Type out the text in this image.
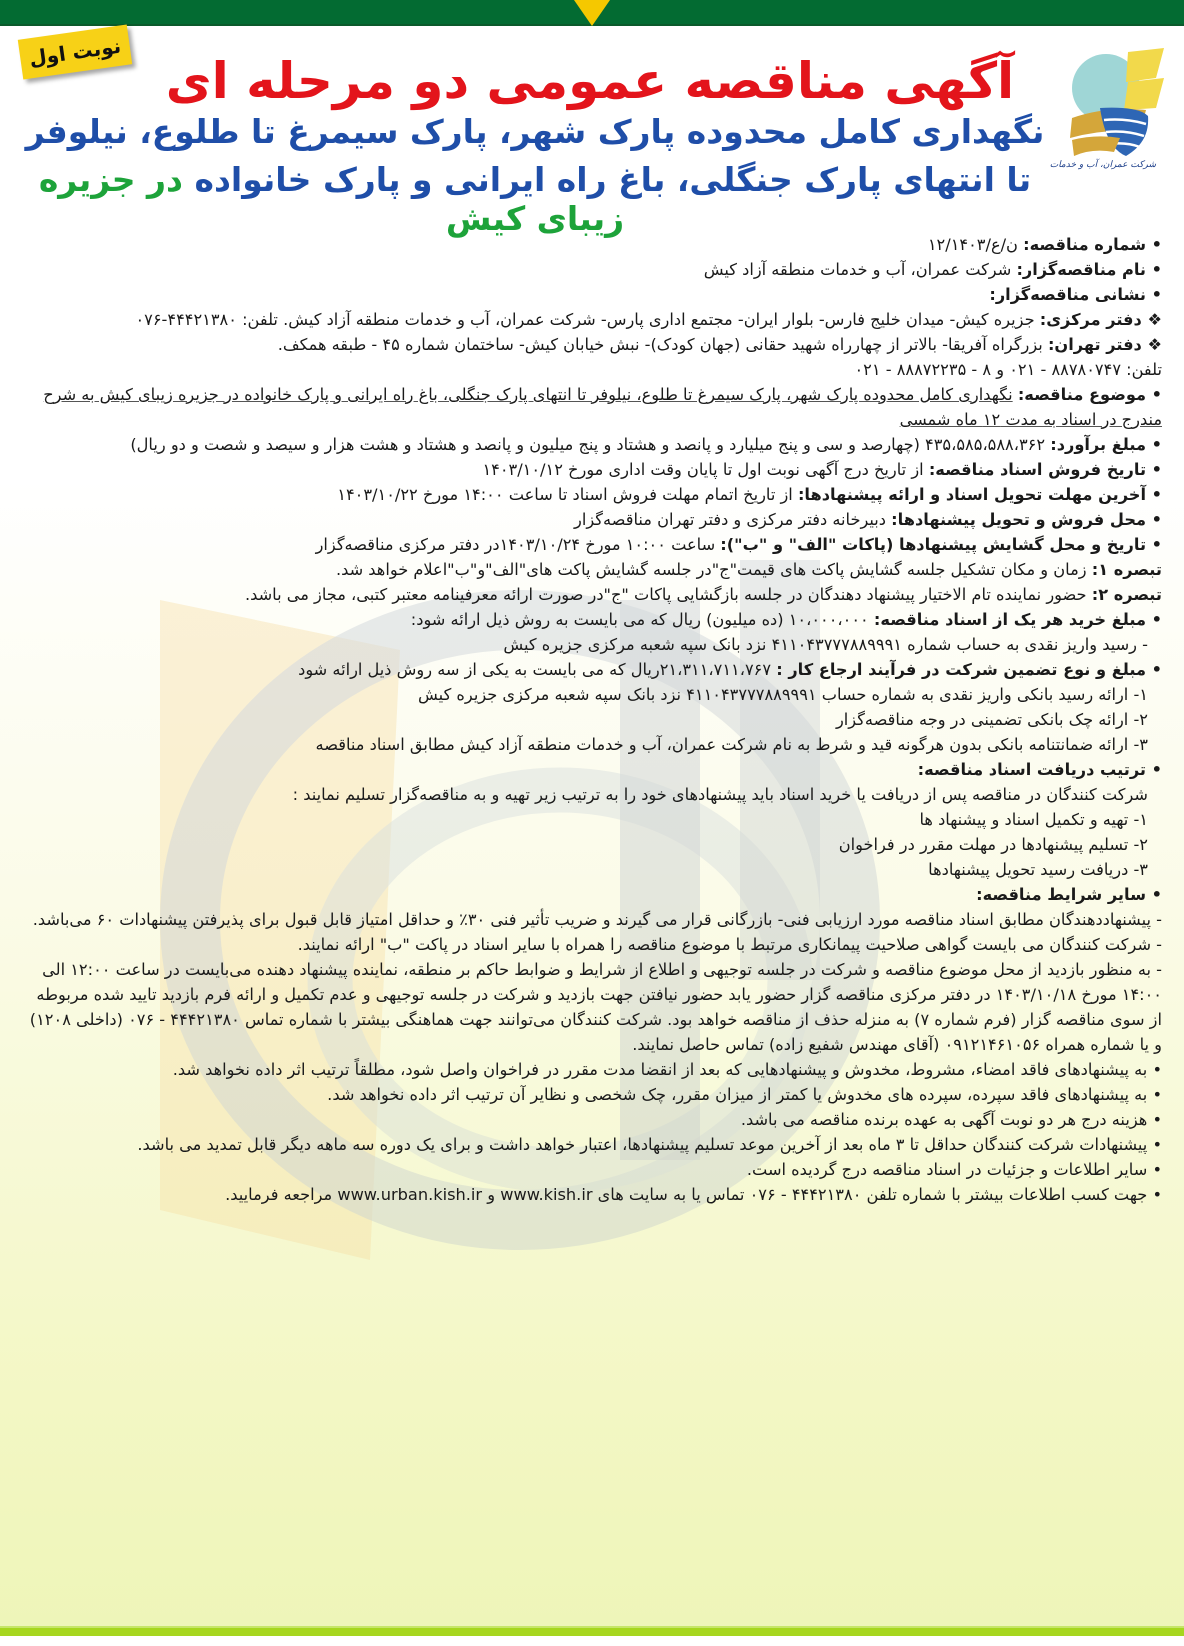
نوبت اول
شرکت عمران، آب و خدمات
آگهی مناقصه عمومی دو مرحله ای
نگهداری کامل محدوده پارک شهر، پارک سیمرغ تا طلوع، نیلوفر
تا انتهای پارک جنگلی، باغ راه ایرانی و پارک خانواده در جزیره زیبای کیش

• شماره مناقصه: ن/ع/۱۲/۱۴۰۳

• نام مناقصه‌گزار: شرکت عمران، آب و خدمات منطقه آزاد کیش

• نشانی مناقصه‌گزار:

❖ دفتر مرکزی: جزیره کیش- میدان خلیج فارس- بلوار ایران- مجتمع اداری پارس- شرکت عمران، آب و خدمات منطقه آزاد کیش. تلفن: ۴۴۴۲۱۳۸۰-۰۷۶

❖ دفتر تهران: بزرگراه آفریقا- بالاتر از چهارراه شهید حقانی (جهان کودک)- نبش خیابان کیش- ساختمان شماره ۴۵ - طبقه همکف.

تلفن: ۸۸۷۸۰۷۴۷ - ۰۲۱ و ۸ - ۸۸۸۷۲۲۳۵ - ۰۲۱

• موضوع مناقصه: نگهداری کامل محدوده پارک شهر، پارک سیمرغ تا طلوع، نیلوفر تا انتهای پارک جنگلی، باغ راه ایرانی و پارک خانواده در جزیره زیبای کیش به شرح مندرج در اسناد به مدت ۱۲ ماه شمسی

• مبلغ برآورد: ۴۳۵،۵۸۵،۵۸۸،۳۶۲ (چهارصد و سی و پنج میلیارد و پانصد و هشتاد و پنج میلیون و پانصد و هشتاد و هشت هزار و سیصد و شصت و دو ریال)

• تاریخ فروش اسناد مناقصه: از تاریخ درج آگهی نوبت اول تا پایان وقت اداری مورخ ۱۴۰۳/۱۰/۱۲

• آخرین مهلت تحویل اسناد و ارائه پیشنهادها: از تاریخ اتمام مهلت فروش اسناد تا ساعت ۱۴:۰۰ مورخ ۱۴۰۳/۱۰/۲۲

• محل فروش و تحویل پیشنهادها: دبیرخانه دفتر مرکزی و دفتر تهران مناقصه‌گزار

• تاریخ و محل گشایش پیشنهادها (پاکات "الف" و "ب"): ساعت ۱۰:۰۰ مورخ ۱۴۰۳/۱۰/۲۴در دفتر مرکزی مناقصه‌گزار

تبصره ۱: زمان و مکان تشکیل جلسه گشایش پاکت های قیمت"ج"در جلسه گشایش پاکت های"الف"و"ب"اعلام خواهد شد.

تبصره ۲: حضور نماینده تام الاختیار پیشنهاد دهندگان در جلسه بازگشایی پاکات "ج"در صورت ارائه معرفینامه معتبر کتبی، مجاز می باشد.

• مبلغ خرید هر یک از اسناد مناقصه: ۱۰،۰۰۰،۰۰۰ (ده میلیون) ریال که می بایست به روش ذیل ارائه شود:

- رسید واریز نقدی به حساب شماره ۴۱۱۰۴۳۷۷۷۸۸۹۹۹۱ نزد بانک سپه شعبه مرکزی جزیره کیش

• مبلغ و نوع تضمین شرکت در فرآیند ارجاع کار : ۲۱،۳۱۱،۷۱۱،۷۶۷ریال که می بایست به یکی از سه روش ذیل ارائه شود

۱- ارائه رسید بانکی واریز نقدی به شماره حساب ۴۱۱۰۴۳۷۷۷۸۸۹۹۹۱ نزد بانک سپه شعبه مرکزی جزیره کیش

۲- ارائه چک بانکی تضمینی در وجه مناقصه‌گزار

۳- ارائه ضمانتنامه بانکی بدون هرگونه قید و شرط به نام شرکت عمران، آب و خدمات منطقه آزاد کیش مطابق اسناد مناقصه

• ترتیب دریافت اسناد مناقصه:

شرکت کنندگان در مناقصه پس از دریافت یا خرید اسناد باید پیشنهادهای خود را به ترتیب زیر تهیه و به مناقصه‌گزار تسلیم نمایند :

۱- تهیه و تکمیل اسناد و پیشنهاد ها

۲- تسلیم پیشنهادها در مهلت مقرر در فراخوان

۳- دریافت رسید تحویل پیشنهادها

• سایر شرایط مناقصه:

- پیشنهاددهندگان مطابق اسناد مناقصه مورد ارزیابی فنی- بازرگانی قرار می گیرند و ضریب تأثیر فنی ۳۰٪ و حداقل امتیاز قابل قبول برای پذیرفتن پیشنهادات ۶۰ می‌باشد.

- شرکت کنندگان می بایست گواهی صلاحیت پیمانکاری مرتبط با موضوع مناقصه را همراه با سایر اسناد در پاکت "ب" ارائه نمایند.

- به منظور بازدید از محل موضوع مناقصه و شرکت در جلسه توجیهی و اطلاع از شرایط و ضوابط حاکم بر منطقه، نماینده پیشنهاد دهنده می‌بایست در ساعت ۱۲:۰۰ الی ۱۴:۰۰ مورخ ۱۴۰۳/۱۰/۱۸ در دفتر مرکزی مناقصه گزار حضور یابد حضور نیافتن جهت بازدید و شرکت در جلسه توجیهی و عدم تکمیل و ارائه فرم بازدید تایید شده مربوطه از سوی مناقصه گزار (فرم شماره ۷) به منزله حذف از مناقصه خواهد بود. شرکت کنندگان می‌توانند جهت هماهنگی بیشتر با شماره تماس ۴۴۴۲۱۳۸۰ - ۰۷۶ (داخلی ۱۲۰۸) و یا شماره همراه ۰۹۱۲۱۴۶۱۰۵۶ (آقای مهندس شفیع زاده) تماس حاصل نمایند.

• به پیشنهادهای فاقد امضاء، مشروط، مخدوش و پیشنهادهایی که بعد از انقضا مدت مقرر در فراخوان واصل شود، مطلقاً ترتیب اثر داده نخواهد شد.

• به پیشنهادهای فاقد سپرده، سپرده های مخدوش یا کمتر از میزان مقرر، چک شخصی و نظایر آن ترتیب اثر داده نخواهد شد.

• هزینه درج هر دو نوبت آگهی به عهده برنده مناقصه می باشد.

• پیشنهادات شرکت کنندگان حداقل تا ۳ ماه بعد از آخرین موعد تسلیم پیشنهادها، اعتبار خواهد داشت و برای یک دوره سه ماهه دیگر قابل تمدید می باشد.

• سایر اطلاعات و جزئیات در اسناد مناقصه درج گردیده است.

• جهت کسب اطلاعات بیشتر با شماره تلفن ۴۴۴۲۱۳۸۰ - ۰۷۶ تماس یا به سایت های www.kish.ir و www.urban.kish.ir مراجعه فرمایید.
